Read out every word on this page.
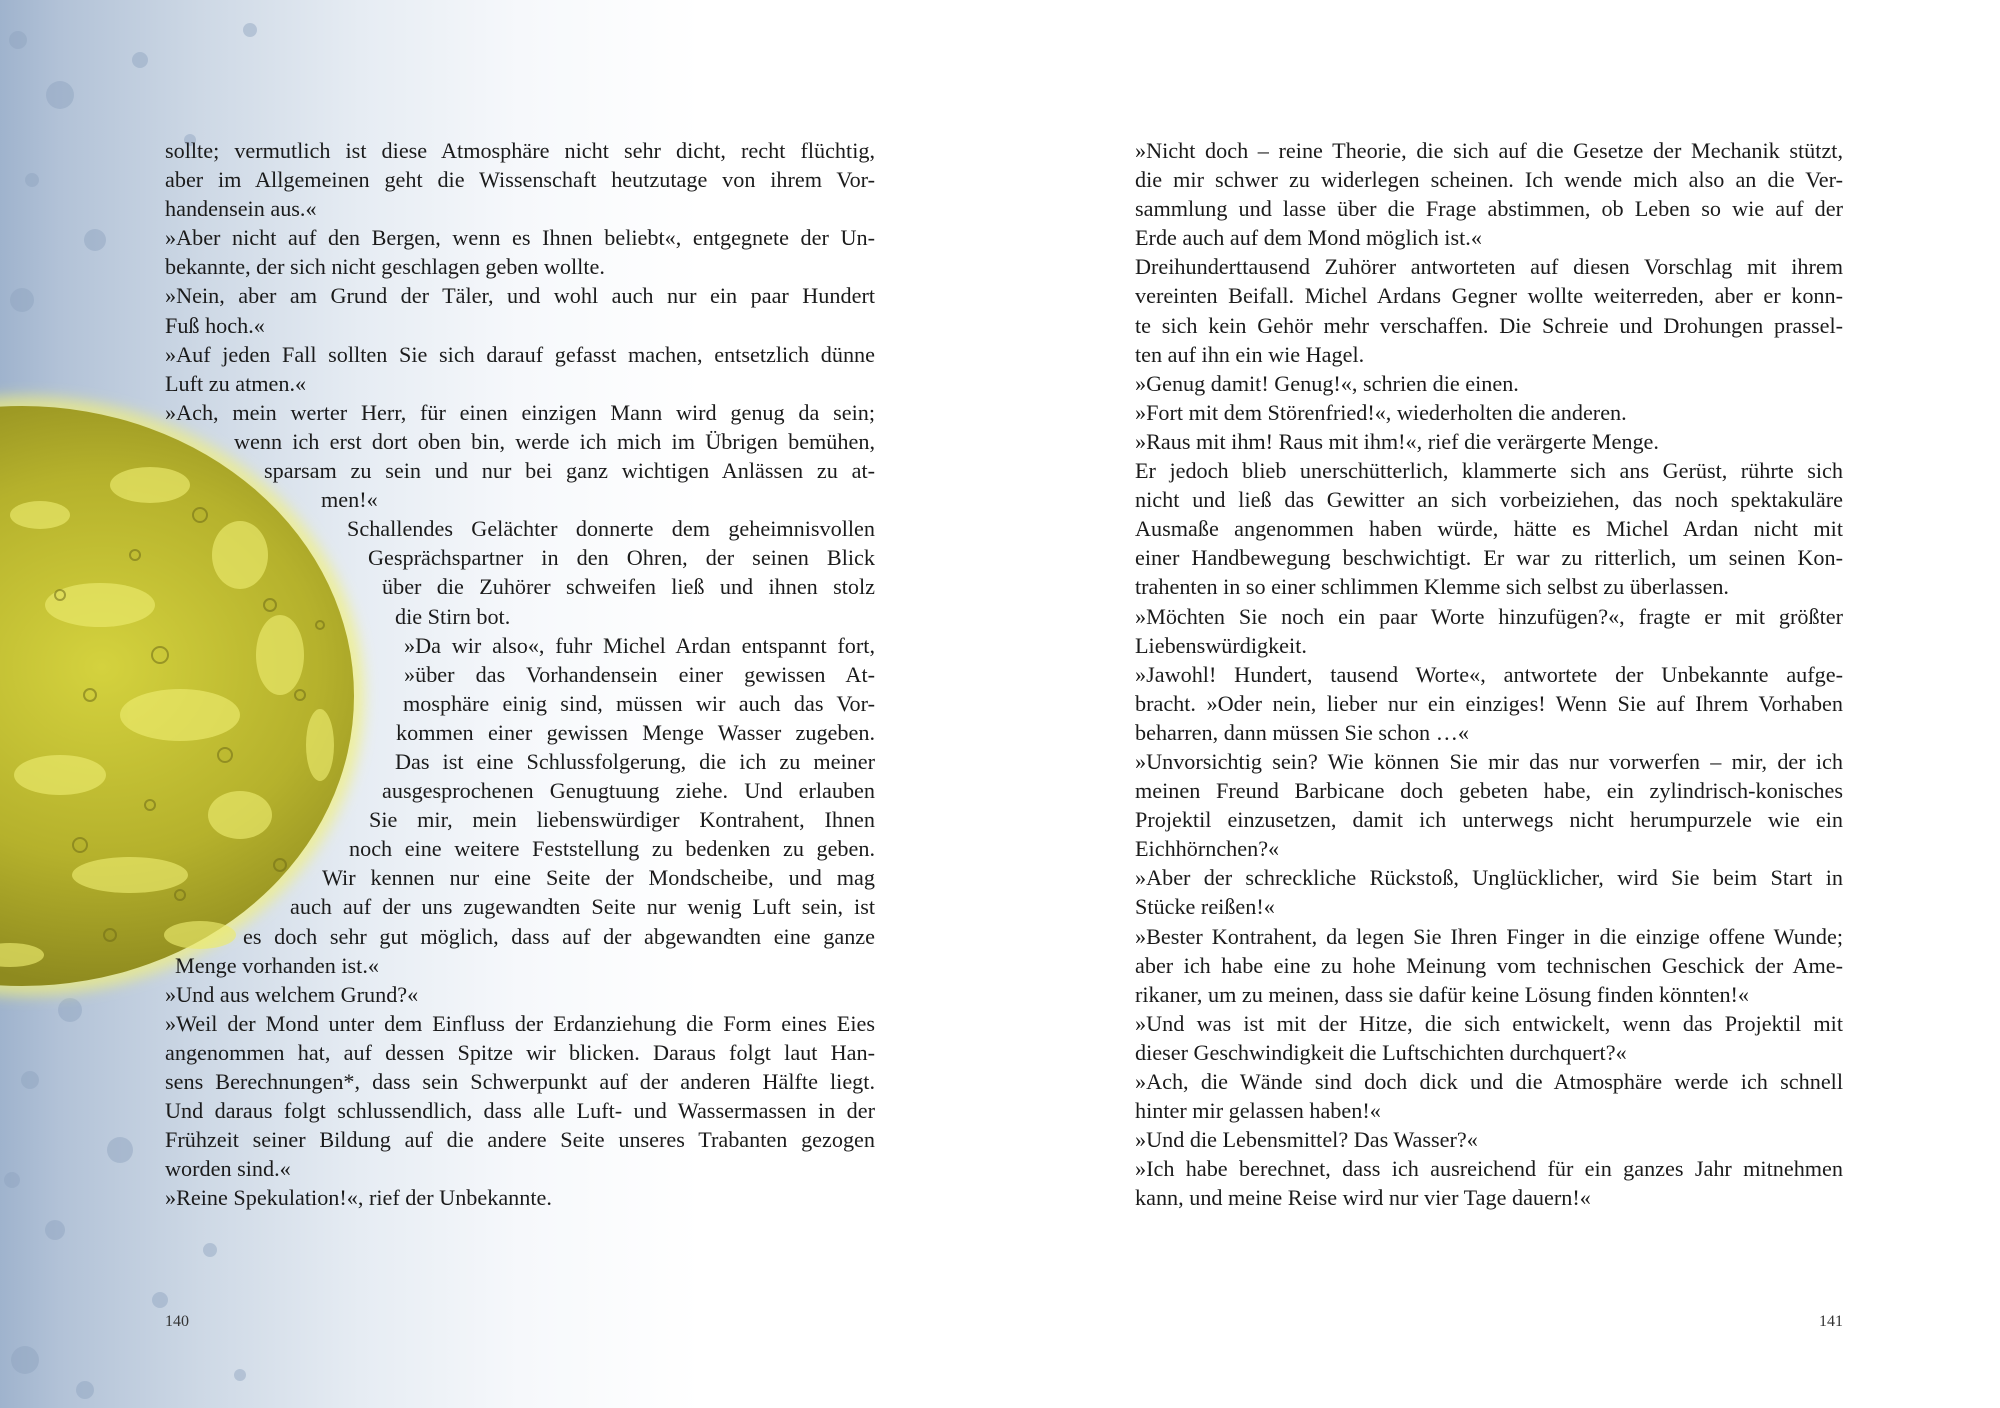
sollte; vermutlich ist diese Atmosphäre nicht sehr dicht, recht flüchtig,
aber im Allgemeinen geht die Wissenschaft heutzutage von ihrem Vor-
handensein aus.«
»Aber nicht auf den Bergen, wenn es Ihnen beliebt«, entgegnete der Un-
bekannte, der sich nicht geschlagen geben wollte.
»Nein, aber am Grund der Täler, und wohl auch nur ein paar Hundert
Fuß hoch.«
»Auf jeden Fall sollten Sie sich darauf gefasst machen, entsetzlich dünne
Luft zu atmen.«
»Ach, mein werter Herr, für einen einzigen Mann wird genug da sein;
wenn ich erst dort oben bin, werde ich mich im Übrigen bemühen,
sparsam zu sein und nur bei ganz wichtigen Anlässen zu at-
men!«
Schallendes Gelächter donnerte dem geheimnisvollen
Gesprächspartner in den Ohren, der seinen Blick
über die Zuhörer schweifen ließ und ihnen stolz
die Stirn bot.
»Da wir also«, fuhr Michel Ardan entspannt fort,
»über das Vorhandensein einer gewissen At-
mosphäre einig sind, müssen wir auch das Vor-
kommen einer gewissen Menge Wasser zugeben.
Das ist eine Schlussfolgerung, die ich zu meiner
ausgesprochenen Genugtuung ziehe. Und erlauben
Sie mir, mein liebenswürdiger Kontrahent, Ihnen
noch eine weitere Feststellung zu bedenken zu geben.
Wir kennen nur eine Seite der Mondscheibe, und mag
auch auf der uns zugewandten Seite nur wenig Luft sein, ist
es doch sehr gut möglich, dass auf der abgewandten eine ganze
Menge vorhanden ist.«
»Und aus welchem Grund?«
»Weil der Mond unter dem Einfluss der Erdanziehung die Form eines Eies
angenommen hat, auf dessen Spitze wir blicken. Daraus folgt laut Han-
sens Berechnungen*, dass sein Schwerpunkt auf der anderen Hälfte liegt.
Und daraus folgt schlussendlich, dass alle Luft- und Wassermassen in der
Frühzeit seiner Bildung auf die andere Seite unseres Trabanten gezogen
worden sind.«
»Reine Spekulation!«, rief der Unbekannte.
140
»Nicht doch – reine Theorie, die sich auf die Gesetze der Mechanik stützt,
die mir schwer zu widerlegen scheinen. Ich wende mich also an die Ver-
sammlung und lasse über die Frage abstimmen, ob Leben so wie auf der
Erde auch auf dem Mond möglich ist.«
Dreihunderttausend Zuhörer antworteten auf diesen Vorschlag mit ihrem
vereinten Beifall. Michel Ardans Gegner wollte weiterreden, aber er konn-
te sich kein Gehör mehr verschaffen. Die Schreie und Drohungen prassel-
ten auf ihn ein wie Hagel.
»Genug damit! Genug!«, schrien die einen.
»Fort mit dem Störenfried!«, wiederholten die anderen.
»Raus mit ihm! Raus mit ihm!«, rief die verärgerte Menge.
Er jedoch blieb unerschütterlich, klammerte sich ans Gerüst, rührte sich
nicht und ließ das Gewitter an sich vorbeiziehen, das noch spektakuläre
Ausmaße angenommen haben würde, hätte es Michel Ardan nicht mit
einer Handbewegung beschwichtigt. Er war zu ritterlich, um seinen Kon-
trahenten in so einer schlimmen Klemme sich selbst zu überlassen.
»Möchten Sie noch ein paar Worte hinzufügen?«, fragte er mit größter
Liebenswürdigkeit.
»Jawohl! Hundert, tausend Worte«, antwortete der Unbekannte aufge-
bracht. »Oder nein, lieber nur ein einziges! Wenn Sie auf Ihrem Vorhaben
beharren, dann müssen Sie schon …«
»Unvorsichtig sein? Wie können Sie mir das nur vorwerfen – mir, der ich
meinen Freund Barbicane doch gebeten habe, ein zylindrisch-konisches
Projektil einzusetzen, damit ich unterwegs nicht herumpurzele wie ein
Eichhörnchen?«
»Aber der schreckliche Rückstoß, Unglücklicher, wird Sie beim Start in
Stücke reißen!«
»Bester Kontrahent, da legen Sie Ihren Finger in die einzige offene Wunde;
aber ich habe eine zu hohe Meinung vom technischen Geschick der Ame-
rikaner, um zu meinen, dass sie dafür keine Lösung finden könnten!«
»Und was ist mit der Hitze, die sich entwickelt, wenn das Projektil mit
dieser Geschwindigkeit die Luftschichten durchquert?«
»Ach, die Wände sind doch dick und die Atmosphäre werde ich schnell
hinter mir gelassen haben!«
»Und die Lebensmittel? Das Wasser?«
»Ich habe berechnet, dass ich ausreichend für ein ganzes Jahr mitnehmen
kann, und meine Reise wird nur vier Tage dauern!«
141
